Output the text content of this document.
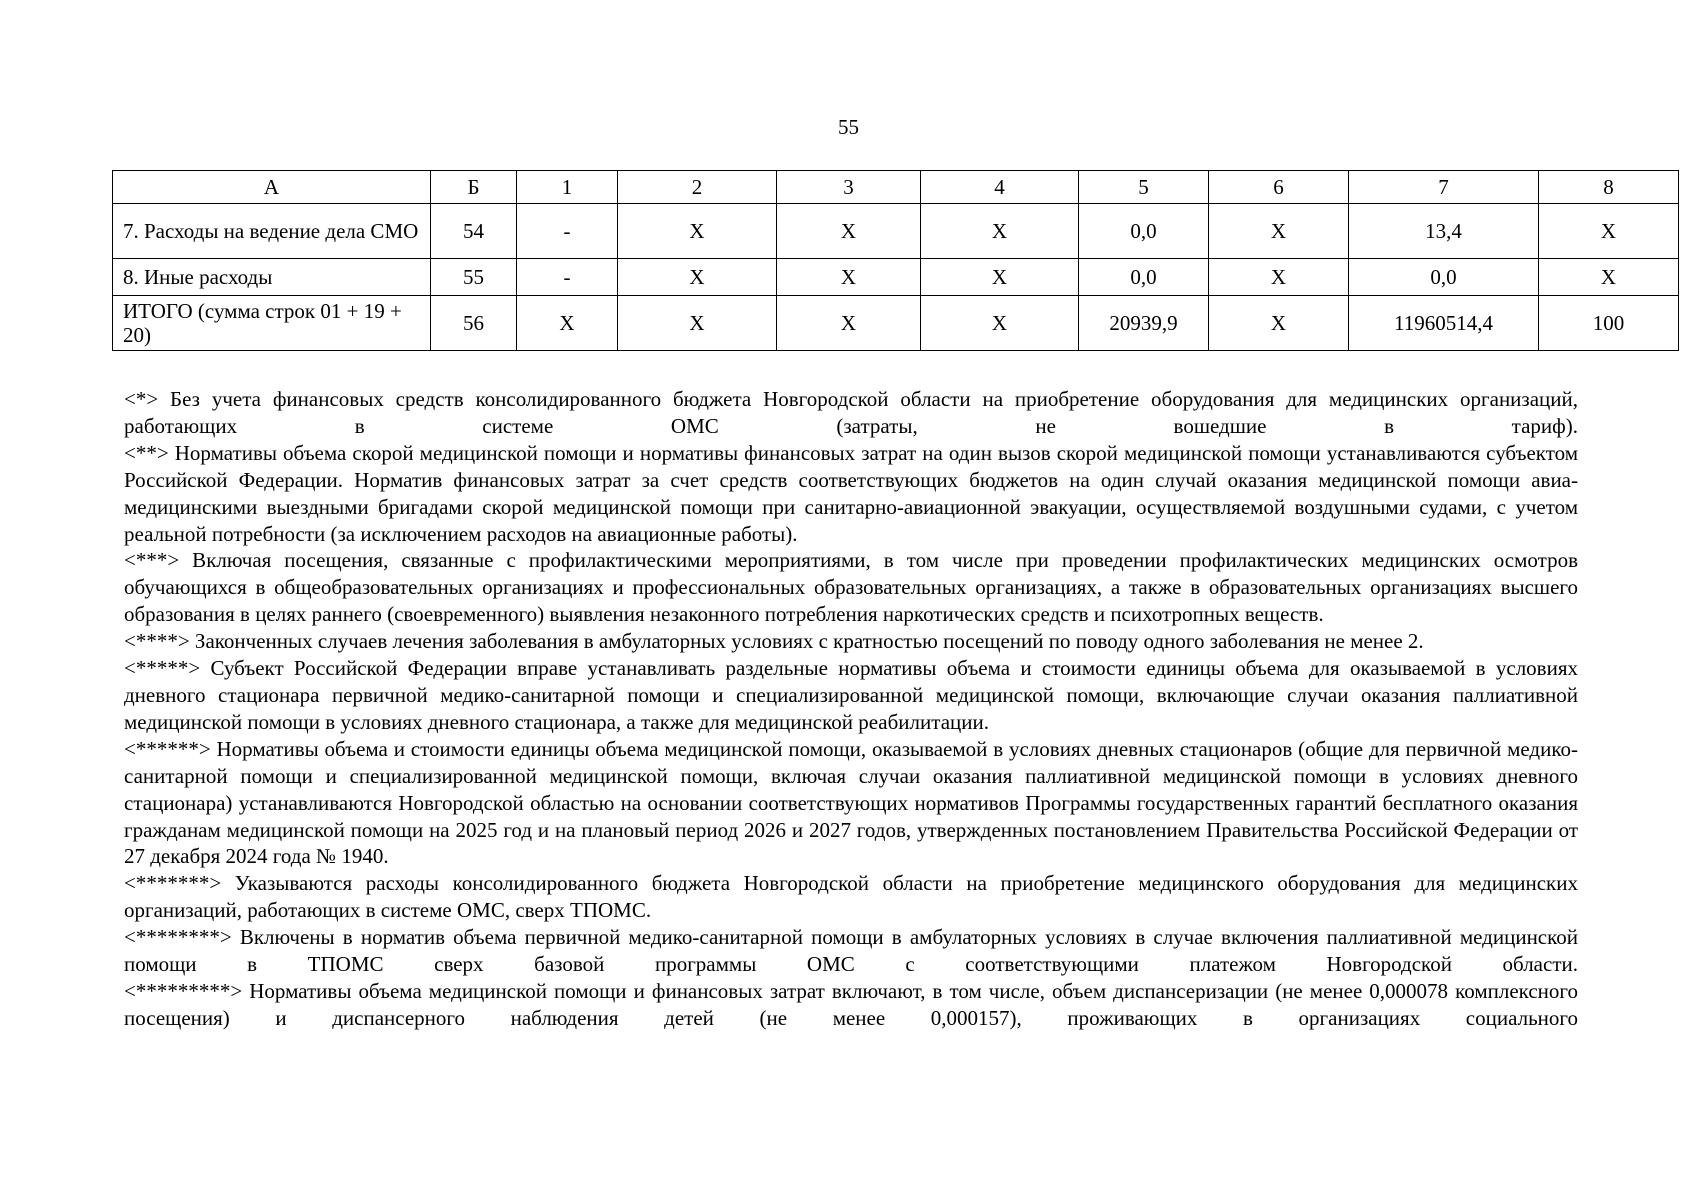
55
А	Б	1	2	3	4	5	6	7	8
7. Расходы на ведение дела СМО	54	-	Х	Х	Х	0,0	Х	13,4	Х
8. Иные расходы	55	-	Х	Х	Х	0,0	Х	0,0	Х
ИТОГО (сумма строк 01 + 19 + 20)	56	Х	Х	Х	Х	20939,9	Х	11960514,4	100

<*> Без учета финансовых средств консолидированного бюджета Новгородской области на приобретение оборудования для медицинских организаций, работающих в системе ОМС (затраты, не вошедшие в тариф).

<**> Нормативы объема скорой медицинской помощи и нормативы финансовых затрат на один вызов скорой медицинской помощи устанавливаются субъектом Российской Федерации. Норматив финансовых затрат за счет средств соответствующих бюджетов на один случай оказания медицинской помощи авиа-медицинскими выездными бригадами скорой медицинской помощи при санитарно-авиационной эвакуации, осуществляемой воздушными судами, с учетом реальной потребности (за исключением расходов на авиационные работы).

<***> Включая посещения, связанные с профилактическими мероприятиями, в том числе при проведении профилактических медицинских осмотров обучающихся в общеобразовательных организациях и профессиональных образовательных организациях, а также в образовательных организациях высшего образования в целях раннего (своевременного) выявления незаконного потребления наркотических средств и психотропных веществ.

<****> Законченных случаев лечения заболевания в амбулаторных условиях с кратностью посещений по поводу одного заболевания не менее 2.

<*****> Субъект Российской Федерации вправе устанавливать раздельные нормативы объема и стоимости единицы объема для оказываемой в условиях дневного стационара первичной медико-санитарной помощи и специализированной медицинской помощи, включающие случаи оказания паллиативной медицинской помощи в условиях дневного стационара, а также для медицинской реабилитации.

<******> Нормативы объема и стоимости единицы объема медицинской помощи, оказываемой в условиях дневных стационаров (общие для первичной медико-санитарной помощи и специализированной медицинской помощи, включая случаи оказания паллиативной медицинской помощи в условиях дневного стационара) устанавливаются Новгородской областью на основании соответствующих нормативов Программы государственных гарантий бесплатного оказания гражданам медицинской помощи на 2025 год и на плановый период 2026 и 2027 годов, утвержденных постановлением Правительства Российской Федерации от 27 декабря 2024 года № 1940.

<*******> Указываются расходы консолидированного бюджета Новгородской области на приобретение медицинского оборудования для медицинских организаций, работающих в системе ОМС, сверх ТПОМС.

<********> Включены в норматив объема первичной медико-санитарной помощи в амбулаторных условиях в случае включения паллиативной медицинской помощи в ТПОМС сверх базовой программы ОМС с соответствующими платежом Новгородской области.

<*********> Нормативы объема медицинской помощи и финансовых затрат включают, в том числе, объем диспансеризации (не менее 0,000078 комплексного посещения) и диспансерного наблюдения детей (не менее 0,000157), проживающих в организациях социального
